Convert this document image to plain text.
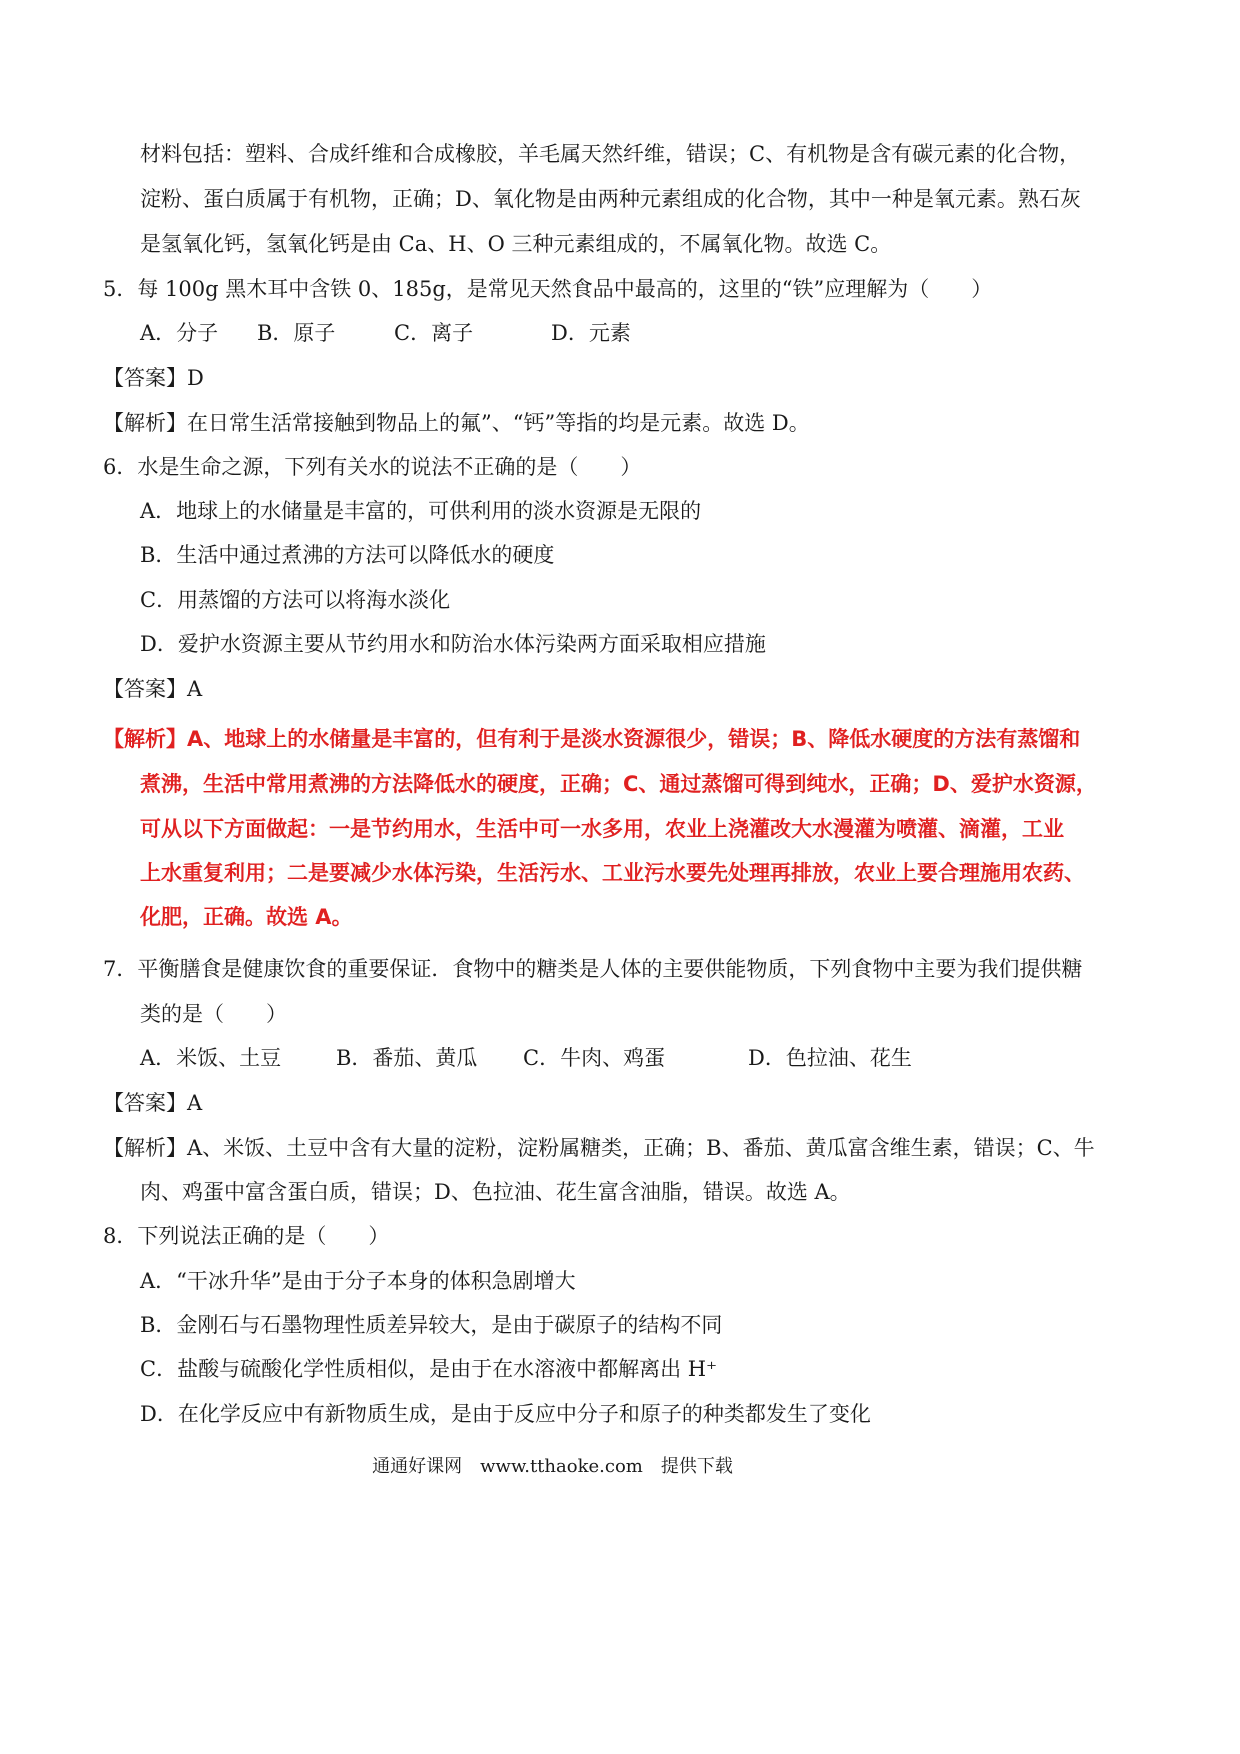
材料包括：塑料、合成纤维和合成橡胶，羊毛属天然纤维，错误；C、有机物是含有碳元素的化合物，
淀粉、蛋白质属于有机物，正确；D、氧化物是由两种元素组成的化合物，其中一种是氧元素。熟石灰
是氢氧化钙，氢氧化钙是由 Ca、H、O 三种元素组成的，不属氧化物。故选 C。
5．每 100g 黑木耳中含铁 0、185g，是常见天然食品中最高的，这里的“铁”应理解为（　　）
A．分子 B．原子	C．离子	D．元素
【答案】D
【解析】在日常生活常接触到物品上的氟”、“钙”等指的均是元素。故选 D。
6．水是生命之源，下列有关水的说法不正确的是（　　）
A．地球上的水储量是丰富的，可供利用的淡水资源是无限的
B．生活中通过煮沸的方法可以降低水的硬度
C．用蒸馏的方法可以将海水淡化
D．爱护水资源主要从节约用水和防治水体污染两方面采取相应措施
【答案】A
【解析】A、地球上的水储量是丰富的，但有利于是淡水资源很少，错误；B、降低水硬度的方法有蒸馏和
煮沸，生活中常用煮沸的方法降低水的硬度，正确；C、通过蒸馏可得到纯水，正确；D、爱护水资源，
可从以下方面做起：一是节约用水，生活中可一水多用，农业上浇灌改大水漫灌为喷灌、滴灌，工业
上水重复利用；二是要减少水体污染，生活污水、工业污水要先处理再排放，农业上要合理施用农药、
化肥，正确。故选 A。
7．平衡膳食是健康饮食的重要保证．食物中的糖类是人体的主要供能物质，下列食物中主要为我们提供糖
类的是（　　）
A．米饭、土豆	B．番茄、黄瓜 C．牛肉、鸡蛋	D．色拉油、花生
【答案】A
【解析】A、米饭、土豆中含有大量的淀粉，淀粉属糖类，正确；B、番茄、黄瓜富含维生素，错误；C、牛
肉、鸡蛋中富含蛋白质，错误；D、色拉油、花生富含油脂，错误。故选 A。
8．下列说法正确的是（　　）
A．“干冰升华”是由于分子本身的体积急剧增大
B．金刚石与石墨物理性质差异较大，是由于碳原子的结构不同
C．盐酸与硫酸化学性质相似，是由于在水溶液中都解离出 H⁺
D．在化学反应中有新物质生成，是由于反应中分子和原子的种类都发生了变化
通通好课网　www.tthaoke.com　提供下载
